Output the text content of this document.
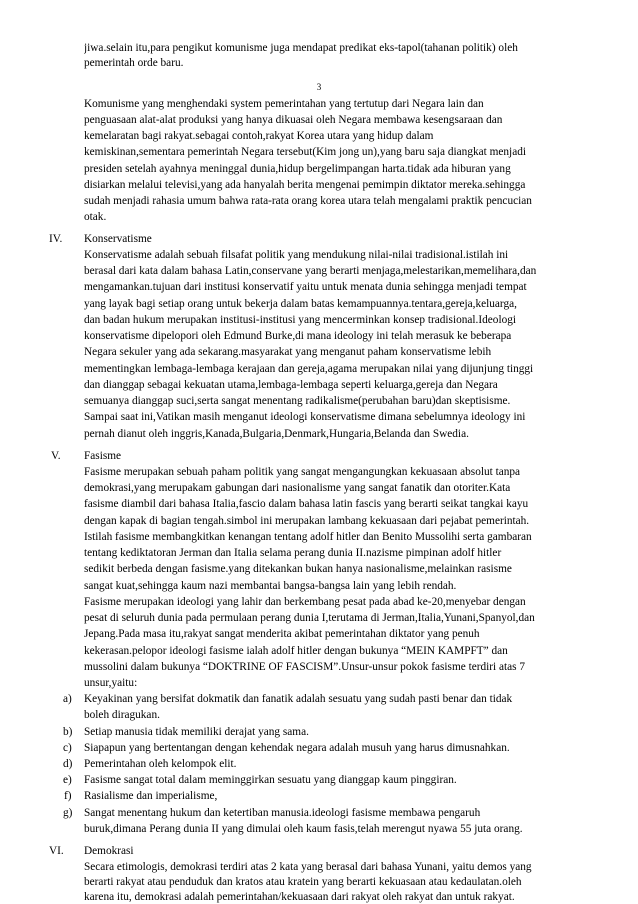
jiwa.selain itu,para pengikut komunisme juga mendapat predikat eks-tapol(tahanan politik) oleh
pemerintah orde baru.
3
Komunisme yang menghendaki system pemerintahan yang tertutup dari Negara lain dan
penguasaan alat-alat produksi yang hanya dikuasai oleh Negara membawa kesengsaraan dan
kemelaratan bagi rakyat.sebagai contoh,rakyat Korea utara yang hidup dalam
kemiskinan,sementara pemerintah Negara tersebut(Kim jong un),yang baru saja diangkat menjadi
presiden setelah ayahnya meninggal dunia,hidup bergelimpangan harta.tidak ada hiburan yang
disiarkan melalui televisi,yang ada hanyalah berita mengenai pemimpin diktator mereka.sehingga
sudah menjadi rahasia umum bahwa rata-rata orang korea utara telah mengalami praktik pencucian
otak.
IV. Konservatisme
Konservatisme adalah sebuah filsafat politik yang mendukung nilai-nilai tradisional.istilah ini
berasal dari kata dalam bahasa Latin,conservane yang berarti menjaga,melestarikan,memelihara,dan
mengamankan.tujuan dari institusi konservatif yaitu untuk menata dunia sehingga menjadi tempat
yang layak bagi setiap orang untuk bekerja dalam batas kemampuannya.tentara,gereja,keluarga,
dan badan hukum merupakan institusi-institusi yang mencerminkan konsep tradisional.Ideologi
konservatisme dipelopori oleh Edmund Burke,di mana ideology ini telah merasuk ke beberapa
Negara sekuler yang ada sekarang.masyarakat yang menganut paham konservatisme lebih
mementingkan lembaga-lembaga kerajaan dan gereja,agama merupakan nilai yang dijunjung tinggi
dan dianggap sebagai kekuatan utama,lembaga-lembaga seperti keluarga,gereja dan Negara
semuanya dianggap suci,serta sangat menentang radikalisme(perubahan baru)dan skeptisisme.
Sampai saat ini,Vatikan masih menganut ideologi konservatisme dimana sebelumnya ideology ini
pernah dianut oleh inggris,Kanada,Bulgaria,Denmark,Hungaria,Belanda dan Swedia.
V. Fasisme
Fasisme merupakan sebuah paham politik yang sangat mengangungkan kekuasaan absolut tanpa
demokrasi,yang merupakam gabungan dari nasionalisme yang sangat fanatik dan otoriter.Kata
fasisme diambil dari bahasa Italia,fascio dalam bahasa latin fascis yang berarti seikat tangkai kayu
dengan kapak di bagian tengah.simbol ini merupakan lambang kekuasaan dari pejabat pemerintah.
Istilah fasisme membangkitkan kenangan tentang adolf hitler dan Benito Mussolihi serta gambaran
tentang kediktatoran Jerman dan Italia selama perang dunia II.nazisme pimpinan adolf hitler
sedikit berbeda dengan fasisme.yang ditekankan bukan hanya nasionalisme,melainkan rasisme
sangat kuat,sehingga kaum nazi membantai bangsa-bangsa lain yang lebih rendah.
Fasisme merupakan ideologi yang lahir dan berkembang pesat pada abad ke-20,menyebar dengan
pesat di seluruh dunia pada permulaan perang dunia I,terutama di Jerman,Italia,Yunani,Spanyol,dan
Jepang.Pada masa itu,rakyat sangat menderita akibat pemerintahan diktator yang penuh
kekerasan.pelopor ideologi fasisme ialah adolf hitler dengan bukunya “MEIN KAMPFT” dan
mussolini dalam bukunya “DOKTRINE OF FASCISM”.Unsur-unsur pokok fasisme terdiri atas 7
unsur,yaitu:
a) Keyakinan yang bersifat dokmatik dan fanatik adalah sesuatu yang sudah pasti benar dan tidak
boleh diragukan.
b) Setiap manusia tidak memiliki derajat yang sama.
c) Siapapun yang bertentangan dengan kehendak negara adalah musuh yang harus dimusnahkan.
d) Pemerintahan oleh kelompok elit.
e) Fasisme sangat total dalam meminggirkan sesuatu yang dianggap kaum pinggiran.
f) Rasialisme dan imperialisme,
g) Sangat menentang hukum dan ketertiban manusia.ideologi fasisme membawa pengaruh
buruk,dimana Perang dunia II yang dimulai oleh kaum fasis,telah merengut nyawa 55 juta orang.
VI. Demokrasi
Secara etimologis, demokrasi terdiri atas 2 kata yang berasal dari bahasa Yunani, yaitu demos yang
berarti rakyat atau penduduk dan kratos atau kratein yang berarti kekuasaan atau kedaulatan.oleh
karena itu, demokrasi adalah pemerintahan/kekuasaan dari rakyat oleh rakyat dan untuk rakyat.
